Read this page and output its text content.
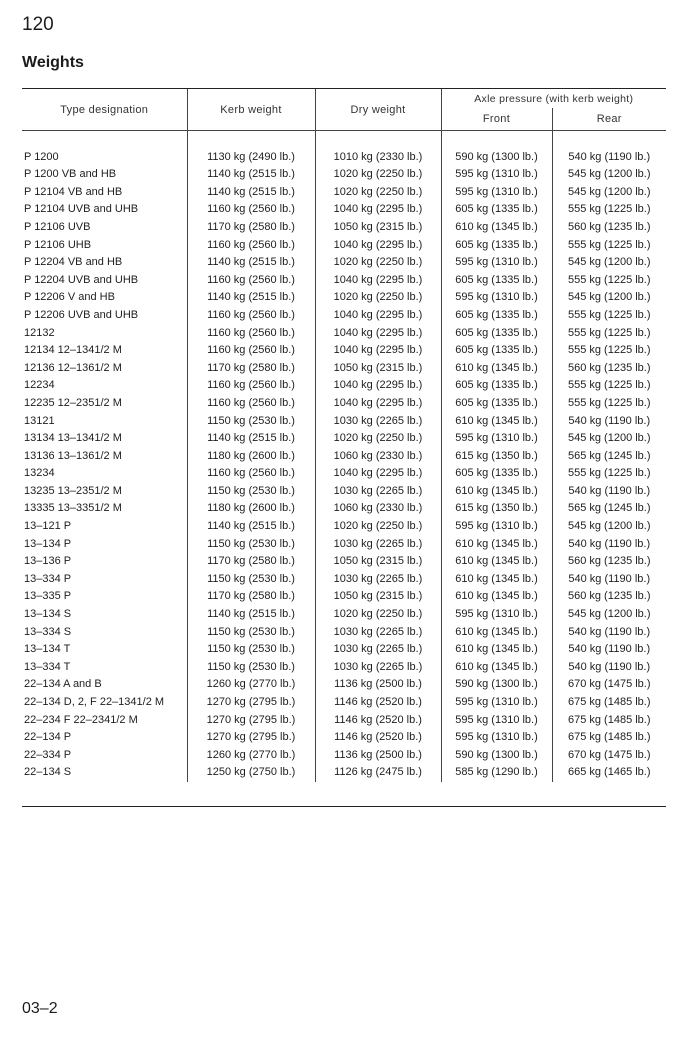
120
Weights
Type designation	Kerb weight	Dry weight	Axle pressure (with kerb weight)	
			Front	Rear

P 1200	1130 kg (2490 lb.)	1010 kg (2330 lb.)	590 kg (1300 lb.)	540 kg (1190 lb.)
P 1200 VB and HB	1140 kg (2515 lb.)	1020 kg (2250 lb.)	595 kg (1310 lb.)	545 kg (1200 lb.)
P 12104 VB and HB	1140 kg (2515 lb.)	1020 kg (2250 lb.)	595 kg (1310 lb.)	545 kg (1200 lb.)
P 12104 UVB and UHB	1160 kg (2560 lb.)	1040 kg (2295 lb.)	605 kg (1335 lb.)	555 kg (1225 lb.)
P 12106 UVB	1170 kg (2580 lb.)	1050 kg (2315 lb.)	610 kg (1345 lb.)	560 kg (1235 lb.)
P 12106 UHB	1160 kg (2560 lb.)	1040 kg (2295 lb.)	605 kg (1335 lb.)	555 kg (1225 lb.)
P 12204 VB and HB	1140 kg (2515 lb.)	1020 kg (2250 lb.)	595 kg (1310 lb.)	545 kg (1200 lb.)
P 12204 UVB and UHB	1160 kg (2560 lb.)	1040 kg (2295 lb.)	605 kg (1335 lb.)	555 kg (1225 lb.)
P 12206 V and HB	1140 kg (2515 lb.)	1020 kg (2250 lb.)	595 kg (1310 lb.)	545 kg (1200 lb.)
P 12206 UVB and UHB	1160 kg (2560 lb.)	1040 kg (2295 lb.)	605 kg (1335 lb.)	555 kg (1225 lb.)
12132	1160 kg (2560 lb.)	1040 kg (2295 lb.)	605 kg (1335 lb.)	555 kg (1225 lb.)
12134 12–1341/2 M	1160 kg (2560 lb.)	1040 kg (2295 lb.)	605 kg (1335 lb.)	555 kg (1225 lb.)
12136 12–1361/2 M	1170 kg (2580 lb.)	1050 kg (2315 lb.)	610 kg (1345 lb.)	560 kg (1235 lb.)
12234	1160 kg (2560 lb.)	1040 kg (2295 lb.)	605 kg (1335 lb.)	555 kg (1225 lb.)
12235 12–2351/2 M	1160 kg (2560 lb.)	1040 kg (2295 lb.)	605 kg (1335 lb.)	555 kg (1225 lb.)
13121	1150 kg (2530 lb.)	1030 kg (2265 lb.)	610 kg (1345 lb.)	540 kg (1190 lb.)
13134 13–1341/2 M	1140 kg (2515 lb.)	1020 kg (2250 lb.)	595 kg (1310 lb.)	545 kg (1200 lb.)
13136 13–1361/2 M	1180 kg (2600 lb.)	1060 kg (2330 lb.)	615 kg (1350 lb.)	565 kg (1245 lb.)
13234	1160 kg (2560 lb.)	1040 kg (2295 lb.)	605 kg (1335 lb.)	555 kg (1225 lb.)
13235 13–2351/2 M	1150 kg (2530 lb.)	1030 kg (2265 lb.)	610 kg (1345 lb.)	540 kg (1190 lb.)
13335 13–3351/2 M	1180 kg (2600 lb.)	1060 kg (2330 lb.)	615 kg (1350 lb.)	565 kg (1245 lb.)
13–121 P	1140 kg (2515 lb.)	1020 kg (2250 lb.)	595 kg (1310 lb.)	545 kg (1200 lb.)
13–134 P	1150 kg (2530 lb.)	1030 kg (2265 lb.)	610 kg (1345 lb.)	540 kg (1190 lb.)
13–136 P	1170 kg (2580 lb.)	1050 kg (2315 lb.)	610 kg (1345 lb.)	560 kg (1235 lb.)
13–334 P	1150 kg (2530 lb.)	1030 kg (2265 lb.)	610 kg (1345 lb.)	540 kg (1190 lb.)
13–335 P	1170 kg (2580 lb.)	1050 kg (2315 lb.)	610 kg (1345 lb.)	560 kg (1235 lb.)
13–134 S	1140 kg (2515 lb.)	1020 kg (2250 lb.)	595 kg (1310 lb.)	545 kg (1200 lb.)
13–334 S	1150 kg (2530 lb.)	1030 kg (2265 lb.)	610 kg (1345 lb.)	540 kg (1190 lb.)
13–134 T	1150 kg (2530 lb.)	1030 kg (2265 lb.)	610 kg (1345 lb.)	540 kg (1190 lb.)
13–334 T	1150 kg (2530 lb.)	1030 kg (2265 lb.)	610 kg (1345 lb.)	540 kg (1190 lb.)
22–134 A and B	1260 kg (2770 lb.)	1136 kg (2500 lb.)	590 kg (1300 lb.)	670 kg (1475 lb.)
22–134 D, 2, F 22–1341/2 M	1270 kg (2795 lb.)	1146 kg (2520 lb.)	595 kg (1310 lb.)	675 kg (1485 lb.)
22–234 F 22–2341/2 M	1270 kg (2795 lb.)	1146 kg (2520 lb.)	595 kg (1310 lb.)	675 kg (1485 lb.)
22–134 P	1270 kg (2795 lb.)	1146 kg (2520 lb.)	595 kg (1310 lb.)	675 kg (1485 lb.)
22–334 P	1260 kg (2770 lb.)	1136 kg (2500 lb.)	590 kg (1300 lb.)	670 kg (1475 lb.)
22–134 S	1250 kg (2750 lb.)	1126 kg (2475 lb.)	585 kg (1290 lb.)	665 kg (1465 lb.)
03–2
